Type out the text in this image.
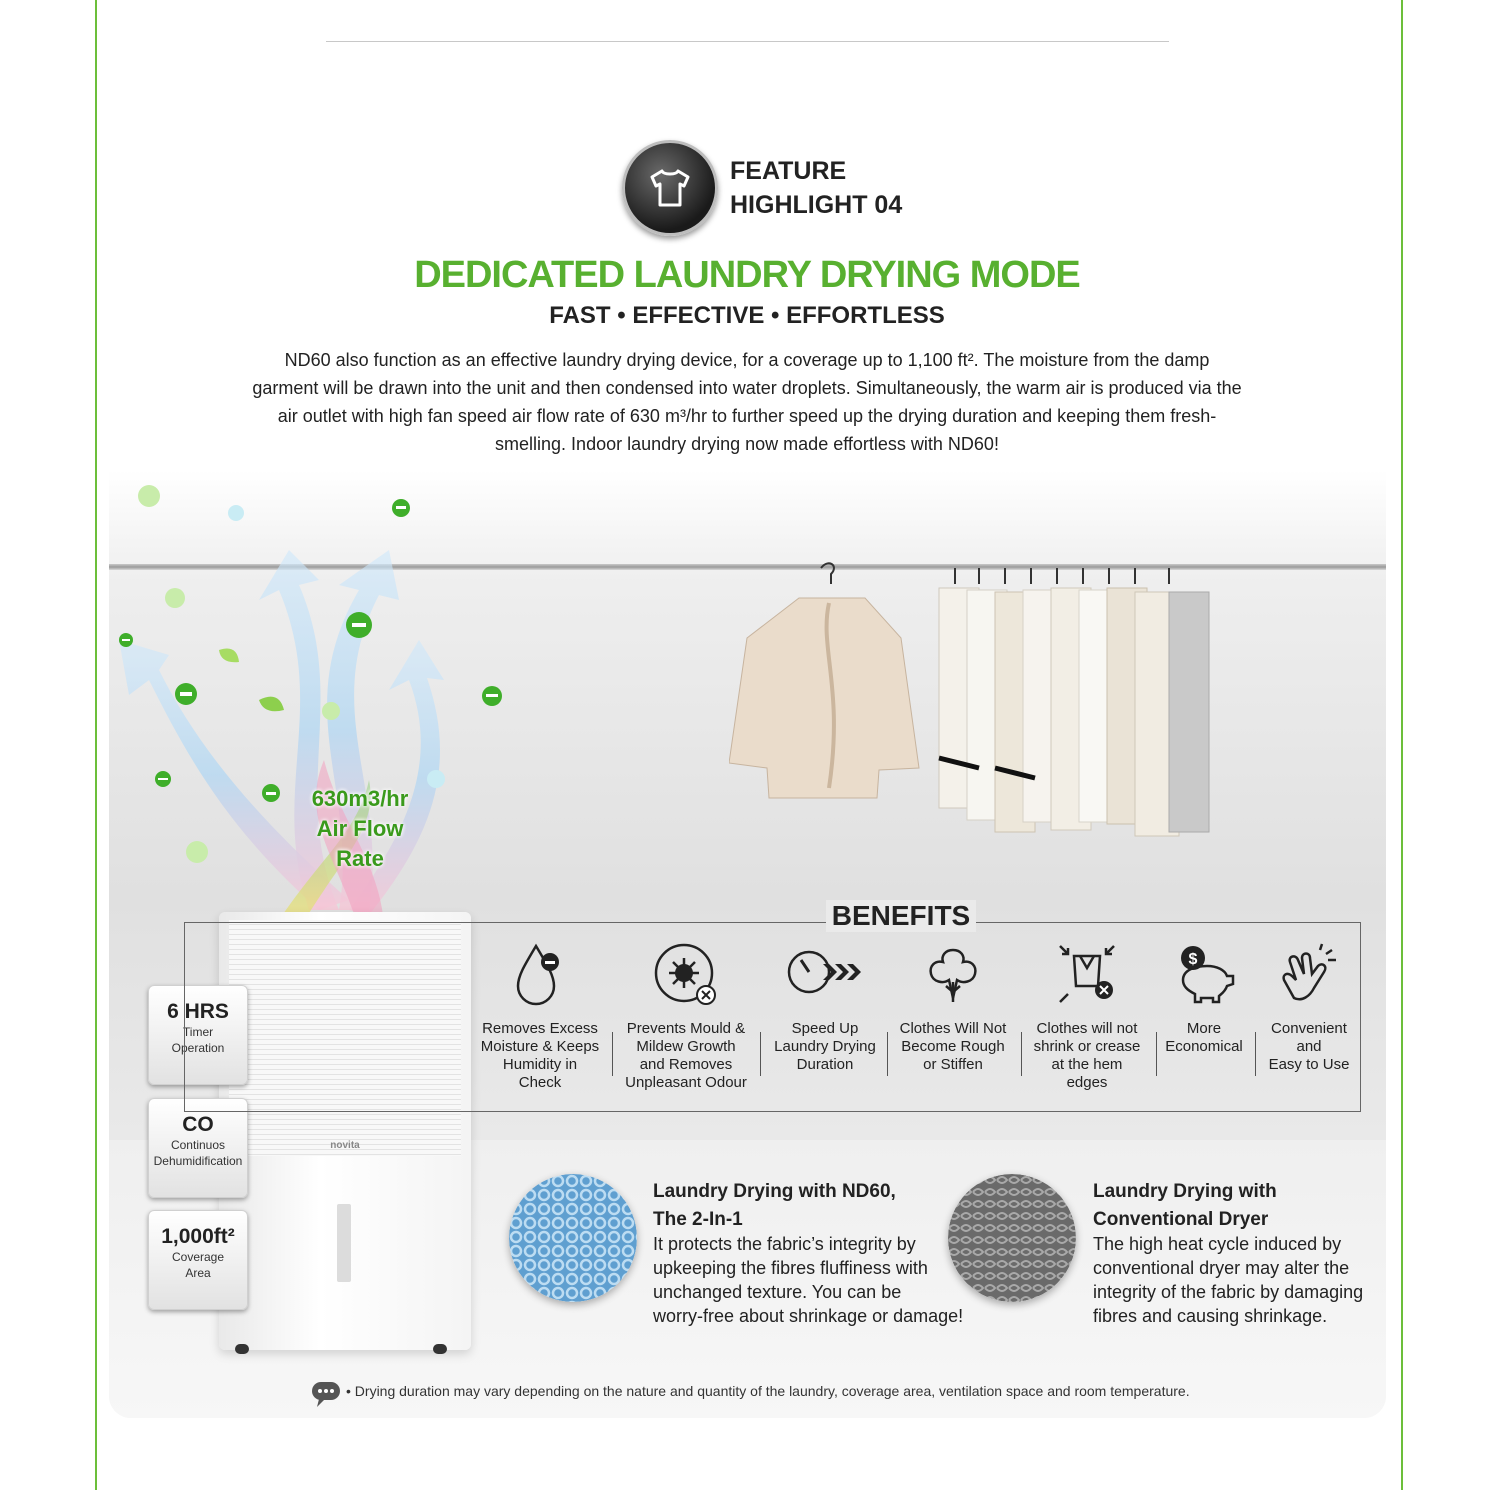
FEATURE
HIGHLIGHT 04
DEDICATED LAUNDRY DRYING MODE
FAST • EFFECTIVE • EFFORTLESS
ND60 also function as an effective laundry drying device, for a coverage up to 1,100 ft². The moisture from the damp garment will be drawn into the unit and then condensed into water droplets. Simultaneously, the warm air is produced via the air outlet with high fan speed air flow rate of 630 m³/hr to further speed up the drying duration and keeping them fresh-smelling. Indoor laundry drying now made effortless with ND60!
630m3/hr
Air Flow Rate
novita
6 HRS
Timer
Operation
CO
Continuos
Dehumidification
1,000ft²
Coverage
Area
BENEFITS
Removes Excess
Moisture & Keeps
Humidity in Check
Prevents Mould &
Mildew Growth
and Removes
Unpleasant Odour
Speed Up
Laundry Drying
Duration
Clothes Will Not
Become Rough
or Stiffen
Clothes will not
shrink or crease
at the hem edges
$
More
Economical
Convenient
and
Easy to Use
Laundry Drying with ND60,
The 2-In-1
It protects the fabric’s integrity by
upkeeping the fibres fluffiness with
unchanged texture. You can be
worry-free about shrinkage or damage!
Laundry Drying with
Conventional Dryer
The high heat cycle induced by
conventional dryer may alter the
integrity of the fabric by damaging
fibres and causing shrinkage.
• Drying duration may vary depending on the nature and quantity of the laundry, coverage area, ventilation space and room temperature.
